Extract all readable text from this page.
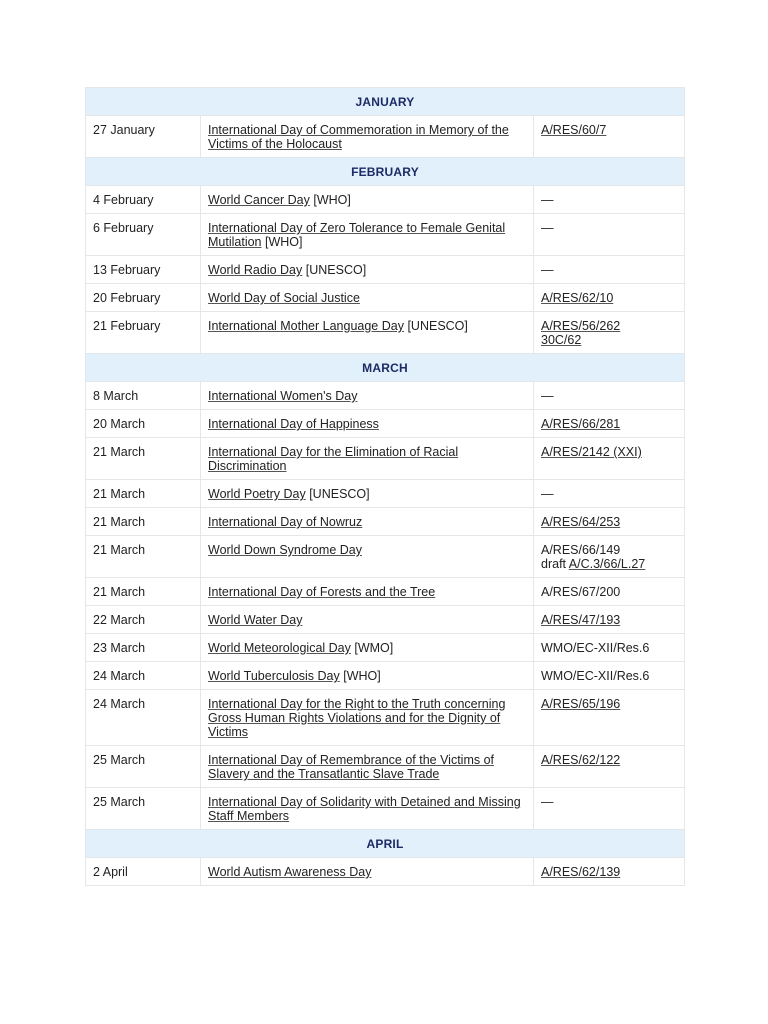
JANUARY		
27 January	International Day of Commemoration in Memory of the Victims of the Holocaust	A/RES/60/7

FEBRUARY		
4 February	World Cancer Day [WHO]	—

6 February	International Day of Zero Tolerance to Female Genital Mutilation [WHO]	—

13 February	World Radio Day [UNESCO]	—

20 February	World Day of Social Justice	A/RES/62/10

21 February	International Mother Language Day [UNESCO]	A/RES/56/262
30C/62

MARCH		
8 March	International Women's Day	—

20 March	International Day of Happiness	A/RES/66/281

21 March	International Day for the Elimination of Racial Discrimination	A/RES/2142 (XXI)

21 March	World Poetry Day [UNESCO]	—

21 March	International Day of Nowruz	A/RES/64/253

21 March	World Down Syndrome Day	A/RES/66/149
draft A/C.3/66/L.27

21 March	International Day of Forests and the Tree	A/RES/67/200

22 March	World Water Day	A/RES/47/193

23 March	World Meteorological Day [WMO]	WMO/EC-XII/Res.6

24 March	World Tuberculosis Day [WHO]	WMO/EC-XII/Res.6

24 March	International Day for the Right to the Truth concerning Gross Human Rights Violations and for the Dignity of Victims	A/RES/65/196

25 March	International Day of Remembrance of the Victims of Slavery and the Transatlantic Slave Trade	A/RES/62/122

25 March	International Day of Solidarity with Detained and Missing Staff Members	—

APRIL		
2 April	World Autism Awareness Day	A/RES/62/139
